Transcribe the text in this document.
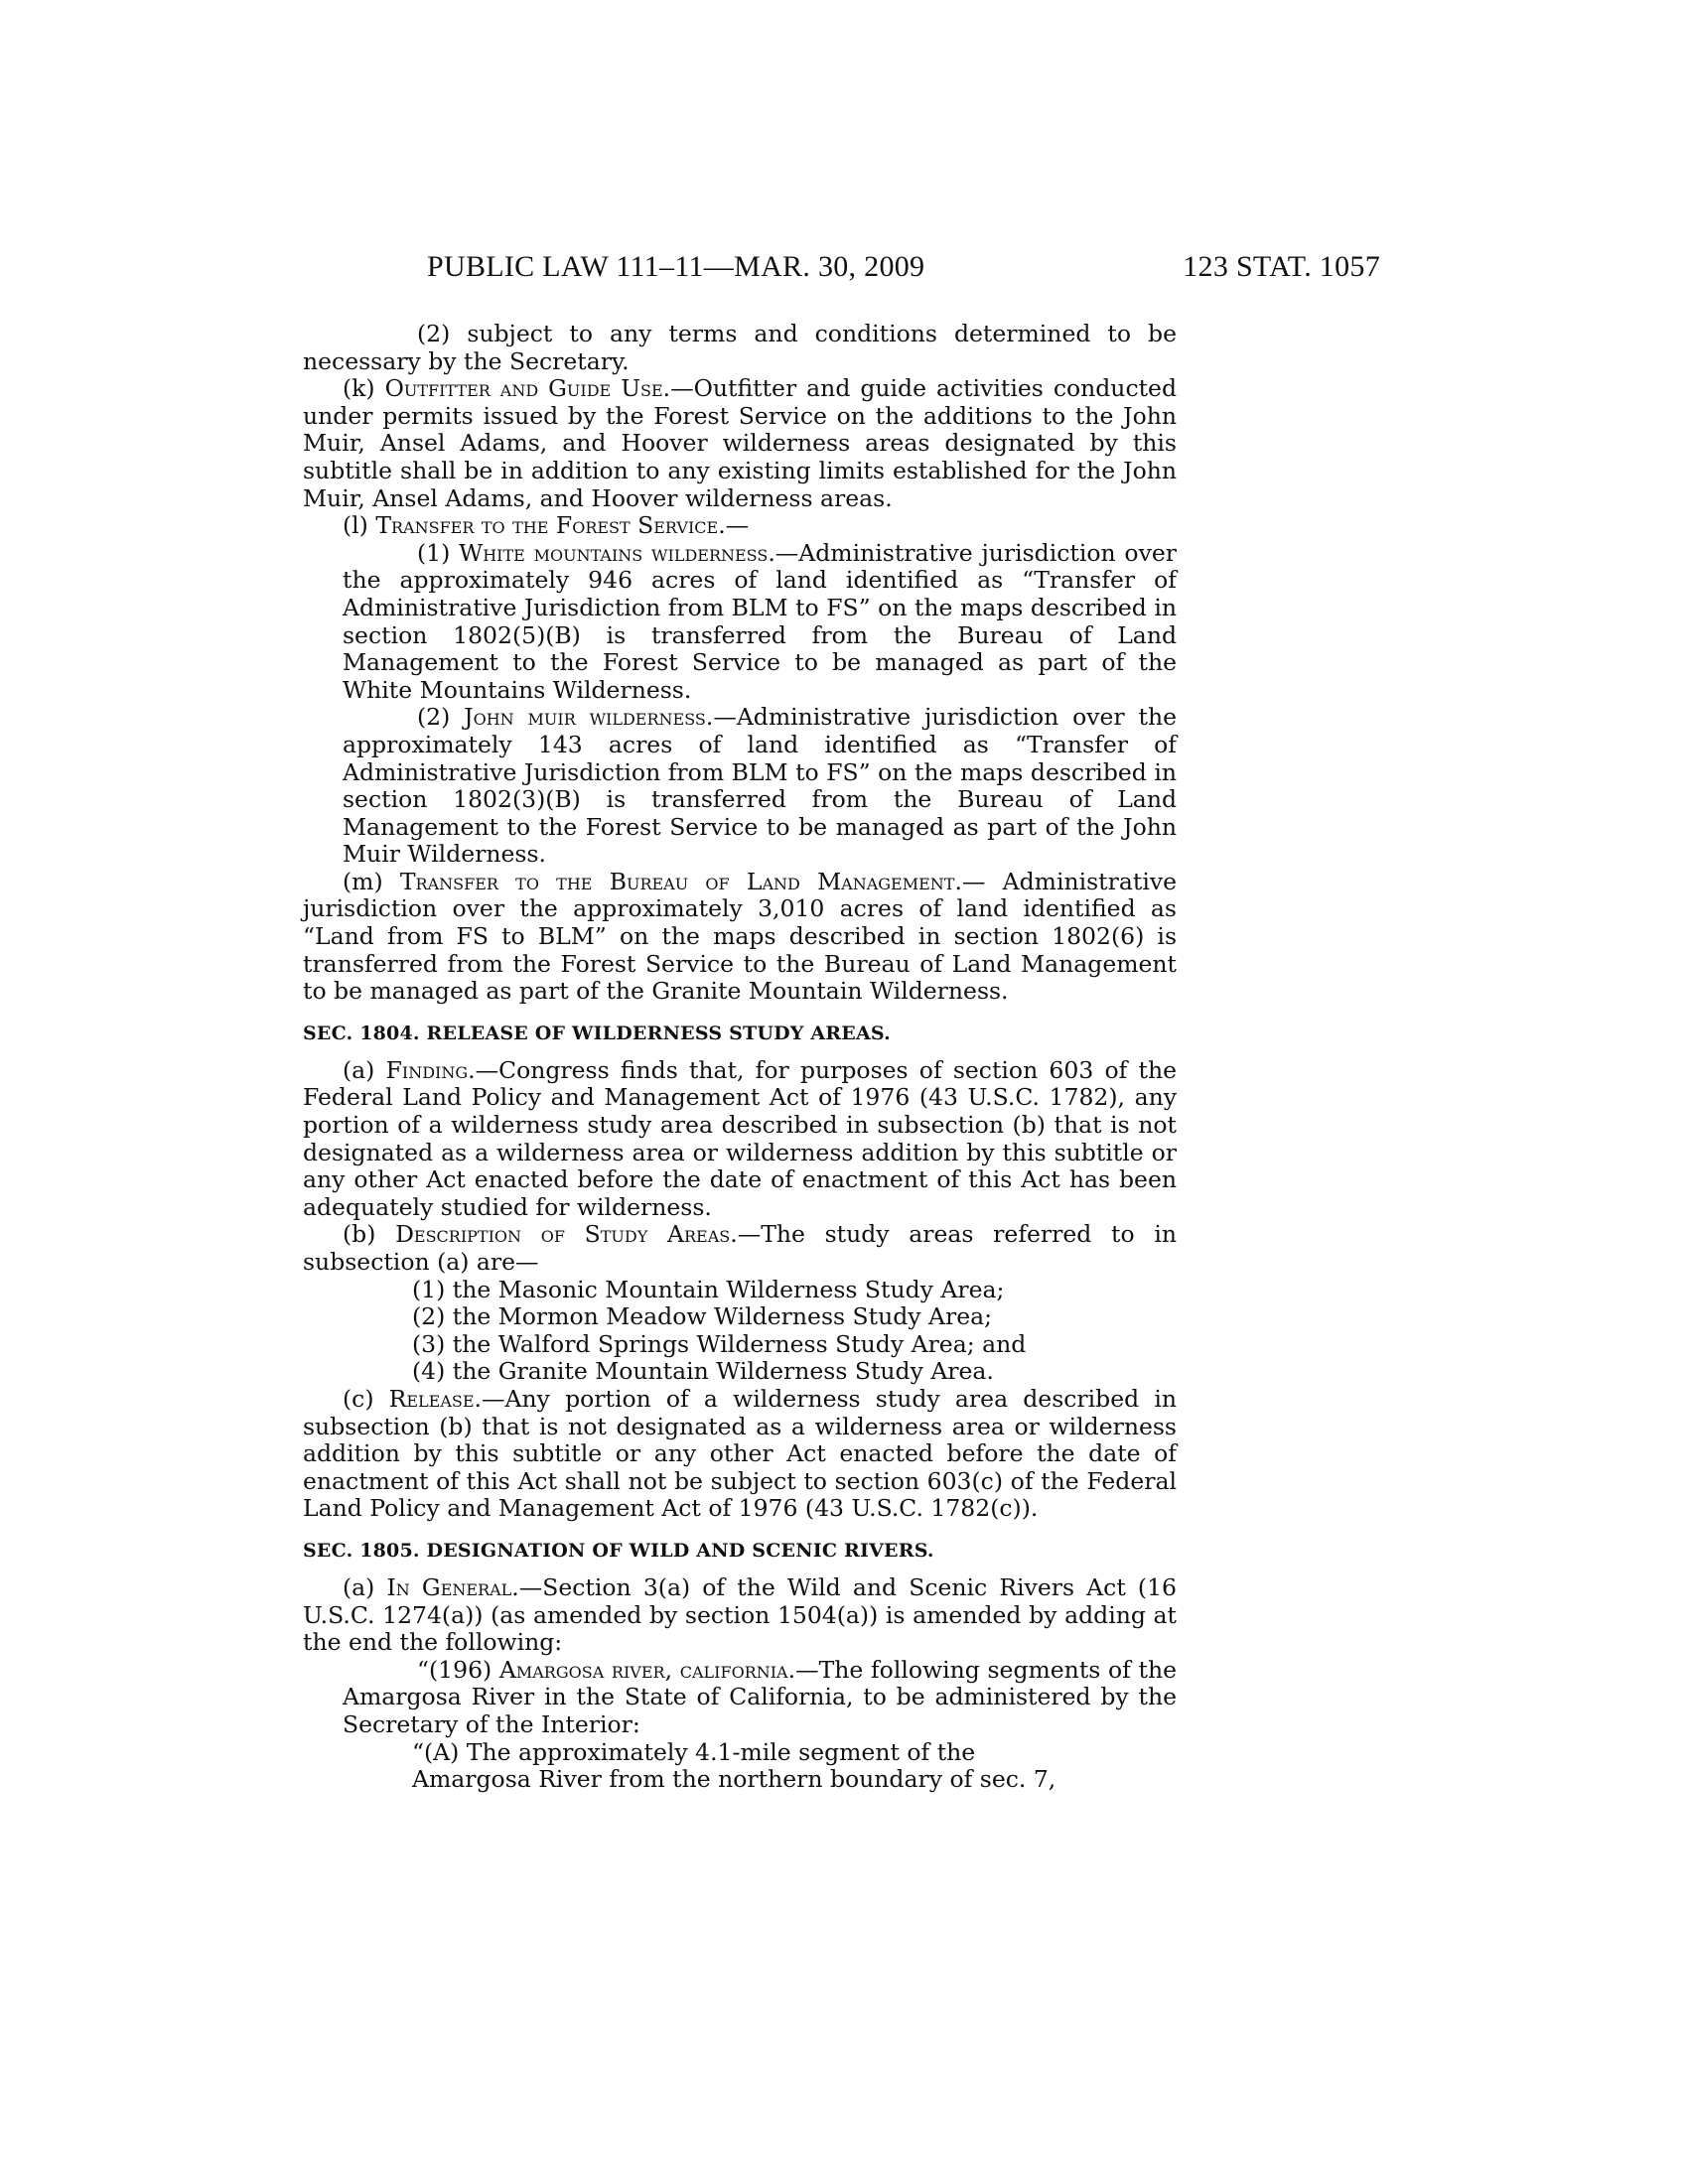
PUBLIC LAW 111–11—MAR. 30, 2009	123 STAT. 1057

(2) subject to any terms and conditions determined to be necessary by the Secretary.

(k) Outfitter and Guide Use.—Outfitter and guide activities conducted under permits issued by the Forest Service on the additions to the John Muir, Ansel Adams, and Hoover wilderness areas designated by this subtitle shall be in addition to any existing limits established for the John Muir, Ansel Adams, and Hoover wilderness areas.

(l) Transfer to the Forest Service.—

(1) White mountains wilderness.—Administrative jurisdiction over the approximately 946 acres of land identified as “Transfer of Administrative Jurisdiction from BLM to FS” on the maps described in section 1802(5)(B) is transferred from the Bureau of Land Management to the Forest Service to be managed as part of the White Mountains Wilderness.

(2) John muir wilderness.—Administrative jurisdiction over the approximately 143 acres of land identified as “Transfer of Administrative Jurisdiction from BLM to FS” on the maps described in section 1802(3)(B) is transferred from the Bureau of Land Management to the Forest Service to be managed as part of the John Muir Wilderness.

(m) Transfer to the Bureau of Land Management.— Administrative jurisdiction over the approximately 3,010 acres of land identified as “Land from FS to BLM” on the maps described in section 1802(6) is transferred from the Forest Service to the Bureau of Land Management to be managed as part of the Granite Mountain Wilderness.

SEC. 1804. RELEASE OF WILDERNESS STUDY AREAS.

(a) Finding.—Congress finds that, for purposes of section 603 of the Federal Land Policy and Management Act of 1976 (43 U.S.C. 1782), any portion of a wilderness study area described in subsection (b) that is not designated as a wilderness area or wilderness addition by this subtitle or any other Act enacted before the date of enactment of this Act has been adequately studied for wilderness.

(b) Description of Study Areas.—The study areas referred to in subsection (a) are—

(1) the Masonic Mountain Wilderness Study Area;

(2) the Mormon Meadow Wilderness Study Area;

(3) the Walford Springs Wilderness Study Area; and

(4) the Granite Mountain Wilderness Study Area.

(c) Release.—Any portion of a wilderness study area described in subsection (b) that is not designated as a wilderness area or wilderness addition by this subtitle or any other Act enacted before the date of enactment of this Act shall not be subject to section 603(c) of the Federal Land Policy and Management Act of 1976 (43 U.S.C. 1782(c)).

SEC. 1805. DESIGNATION OF WILD AND SCENIC RIVERS.

(a) In General.—Section 3(a) of the Wild and Scenic Rivers Act (16 U.S.C. 1274(a)) (as amended by section 1504(a)) is amended by adding at the end the following:

“(196) Amargosa river, california.—The following segments of the Amargosa River in the State of California, to be administered by the Secretary of the Interior:

“(A) The approximately 4.1-mile segment of the

Amargosa River from the northern boundary of sec. 7,
